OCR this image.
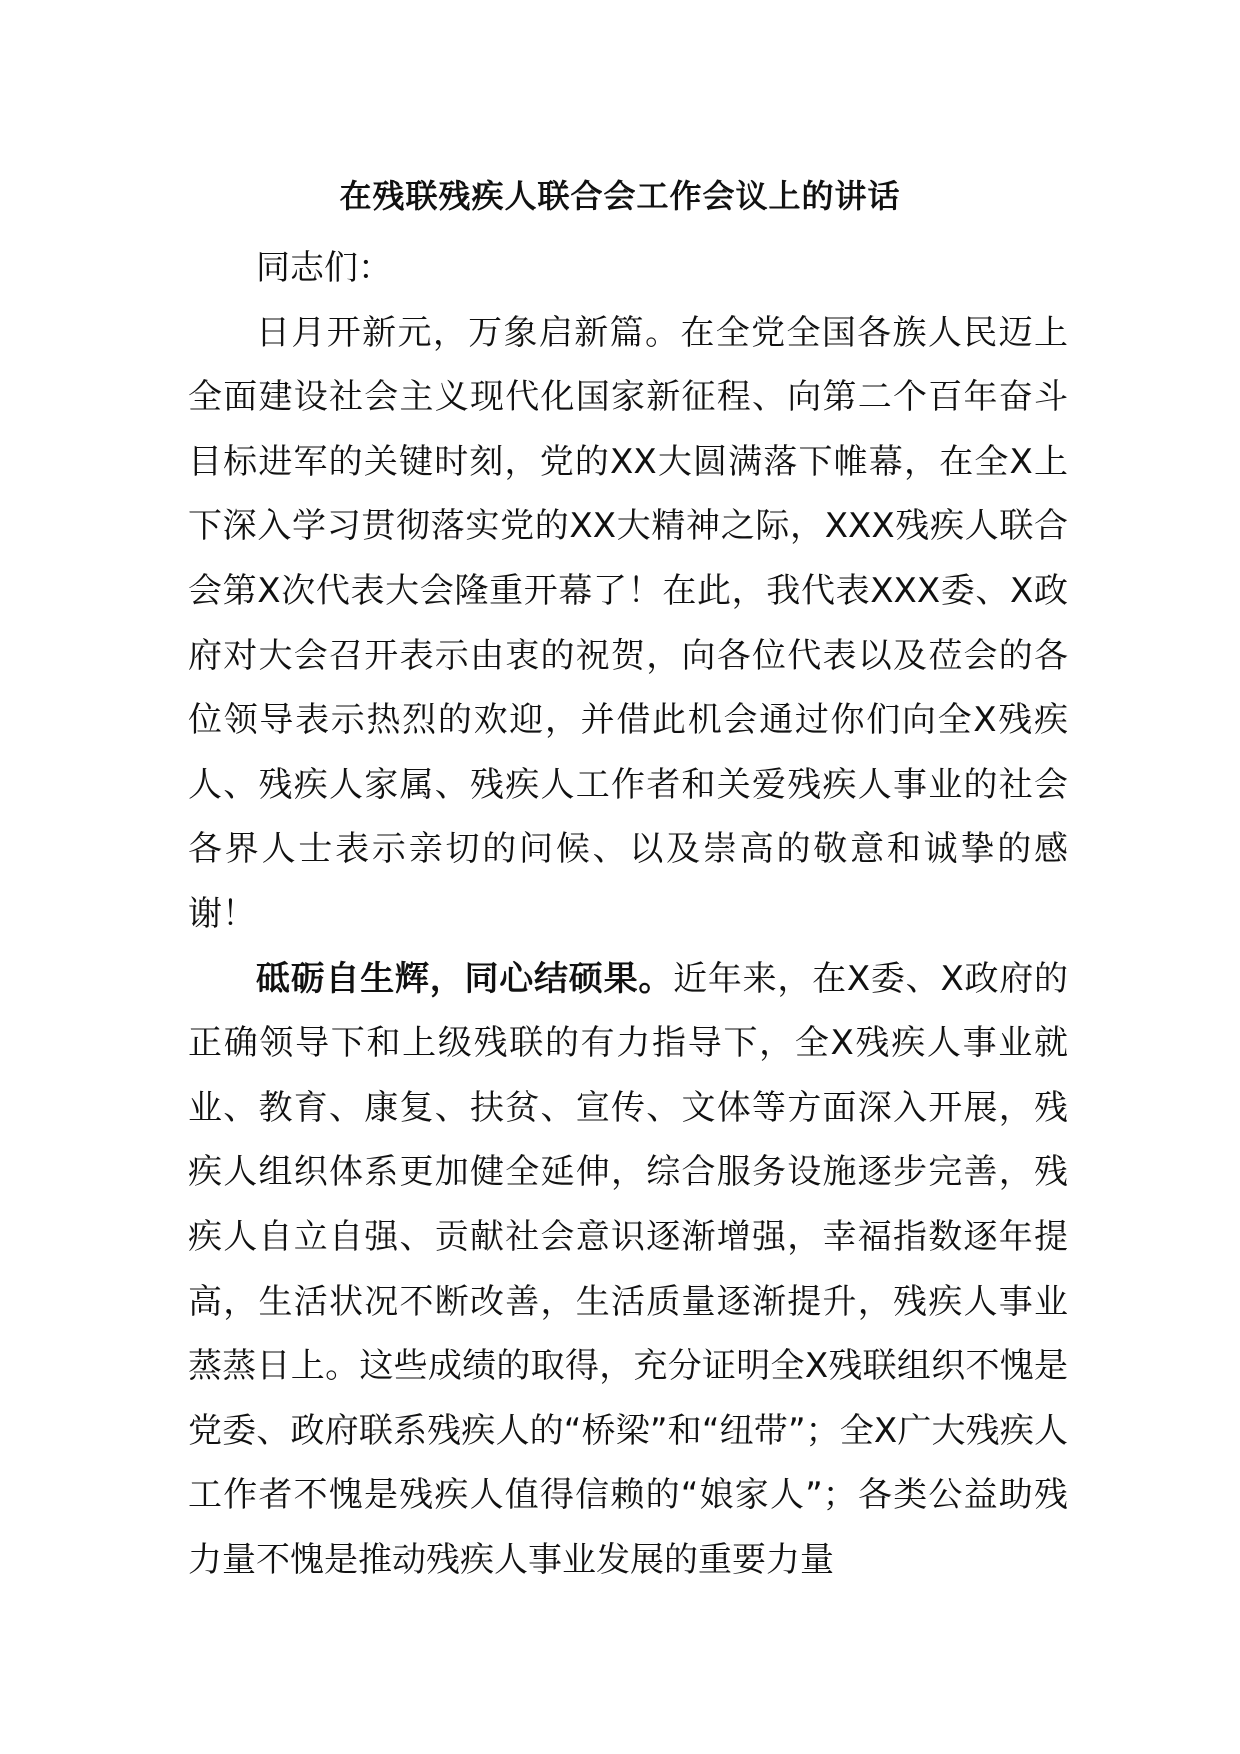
在残联残疾人联合会工作会议上的讲话

同志们：

日月开新元，万象启新篇。在全党全国各族人民迈上全面建设社会主义现代化国家新征程、向第二个百年奋斗目标进军的关键时刻，党的XX大圆满落下帷幕，在全X上下深入学习贯彻落实党的XX大精神之际，XXX残疾人联合会第X次代表大会隆重开幕了！在此，我代表XXX委、X政府对大会召开表示由衷的祝贺，向各位代表以及莅会的各位领导表示热烈的欢迎，并借此机会通过你们向全X残疾人、残疾人家属、残疾人工作者和关爱残疾人事业的社会各界人士表示亲切的问候、以及崇高的敬意和诚挚的感谢！

砥砺自生辉，同心结硕果。近年来，在X委、X政府的正确领导下和上级残联的有力指导下，全X残疾人事业就业、教育、康复、扶贫、宣传、文体等方面深入开展，残疾人组织体系更加健全延伸，综合服务设施逐步完善，残疾人自立自强、贡献社会意识逐渐增强，幸福指数逐年提高，生活状况不断改善，生活质量逐渐提升，残疾人事业蒸蒸日上。这些成绩的取得，充分证明全X残联组织不愧是党委、政府联系残疾人的“桥梁”和“纽带”；全X广大残疾人工作者不愧是残疾人值得信赖的“娘家人”；各类公益助残力量不愧是推动残疾人事业发展的重要力量
